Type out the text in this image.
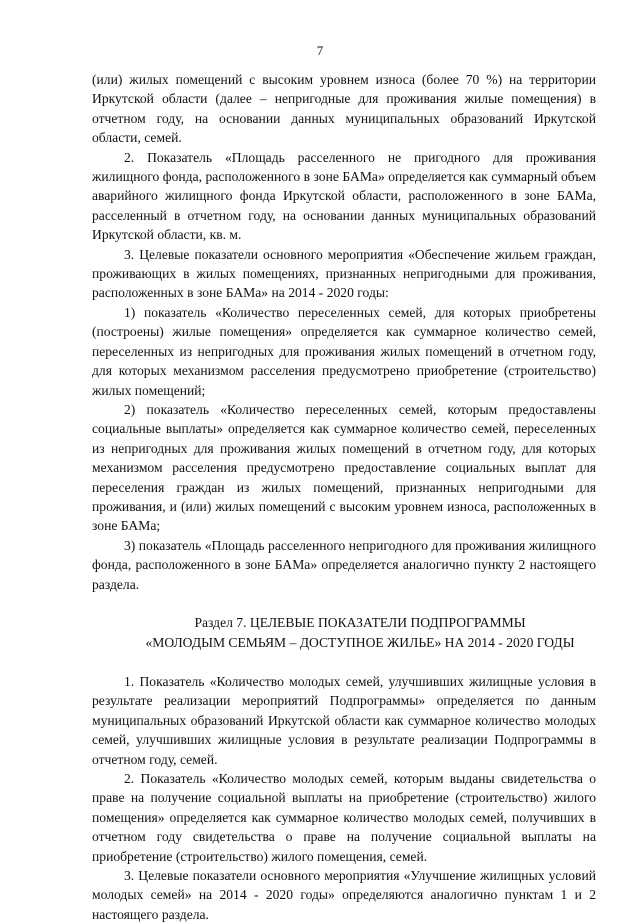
7

(или) жилых помещений с высоким уровнем износа (более 70 %) на территории Иркутской области (далее – непригодные для проживания жилые помещения) в отчетном году, на основании данных муниципальных образований Иркутской области, семей.

2. Показатель «Площадь расселенного не пригодного для проживания жилищного фонда, расположенного в зоне БАМа» определяется как суммарный объем аварийного жилищного фонда Иркутской области, расположенного в зоне БАМа, расселенный в отчетном году, на основании данных муниципальных образований Иркутской области, кв. м.

3. Целевые показатели основного мероприятия «Обеспечение жильем граждан, проживающих в жилых помещениях, признанных непригодными для проживания, расположенных в зоне БАМа» на 2014 - 2020 годы:

1) показатель «Количество переселенных семей, для которых приобретены (построены) жилые помещения» определяется как суммарное количество семей, переселенных из непригодных для проживания жилых помещений в отчетном году, для которых механизмом расселения предусмотрено приобретение (строительство) жилых помещений;

2) показатель «Количество переселенных семей, которым предоставлены социальные выплаты» определяется как суммарное количество семей, переселенных из непригодных для проживания жилых помещений в отчетном году, для которых механизмом расселения предусмотрено предоставление социальных выплат для переселения граждан из жилых помещений, признанных непригодными для проживания, и (или) жилых помещений с высоким уровнем износа, расположенных в зоне БАМа;

3) показатель «Площадь расселенного непригодного для проживания жилищного фонда, расположенного в зоне БАМа» определяется аналогично пункту 2 настоящего раздела.

Раздел 7. ЦЕЛЕВЫЕ ПОКАЗАТЕЛИ ПОДПРОГРАММЫ

«МОЛОДЫМ СЕМЬЯМ – ДОСТУПНОЕ ЖИЛЬЕ» НА 2014 - 2020 ГОДЫ

1. Показатель «Количество молодых семей, улучшивших жилищные условия в результате реализации мероприятий Подпрограммы» определяется по данным муниципальных образований Иркутской области как суммарное количество молодых семей, улучшивших жилищные условия в результате реализации Подпрограммы в отчетном году, семей.

2. Показатель «Количество молодых семей, которым выданы свидетельства о праве на получение социальной выплаты на приобретение (строительство) жилого помещения» определяется как суммарное количество молодых семей, получивших в отчетном году свидетельства о праве на получение социальной выплаты на приобретение (строительство) жилого помещения, семей.

3. Целевые показатели основного мероприятия «Улучшение жилищных условий молодых семей» на 2014 - 2020 годы» определяются аналогично пунктам 1 и 2 настоящего раздела.
